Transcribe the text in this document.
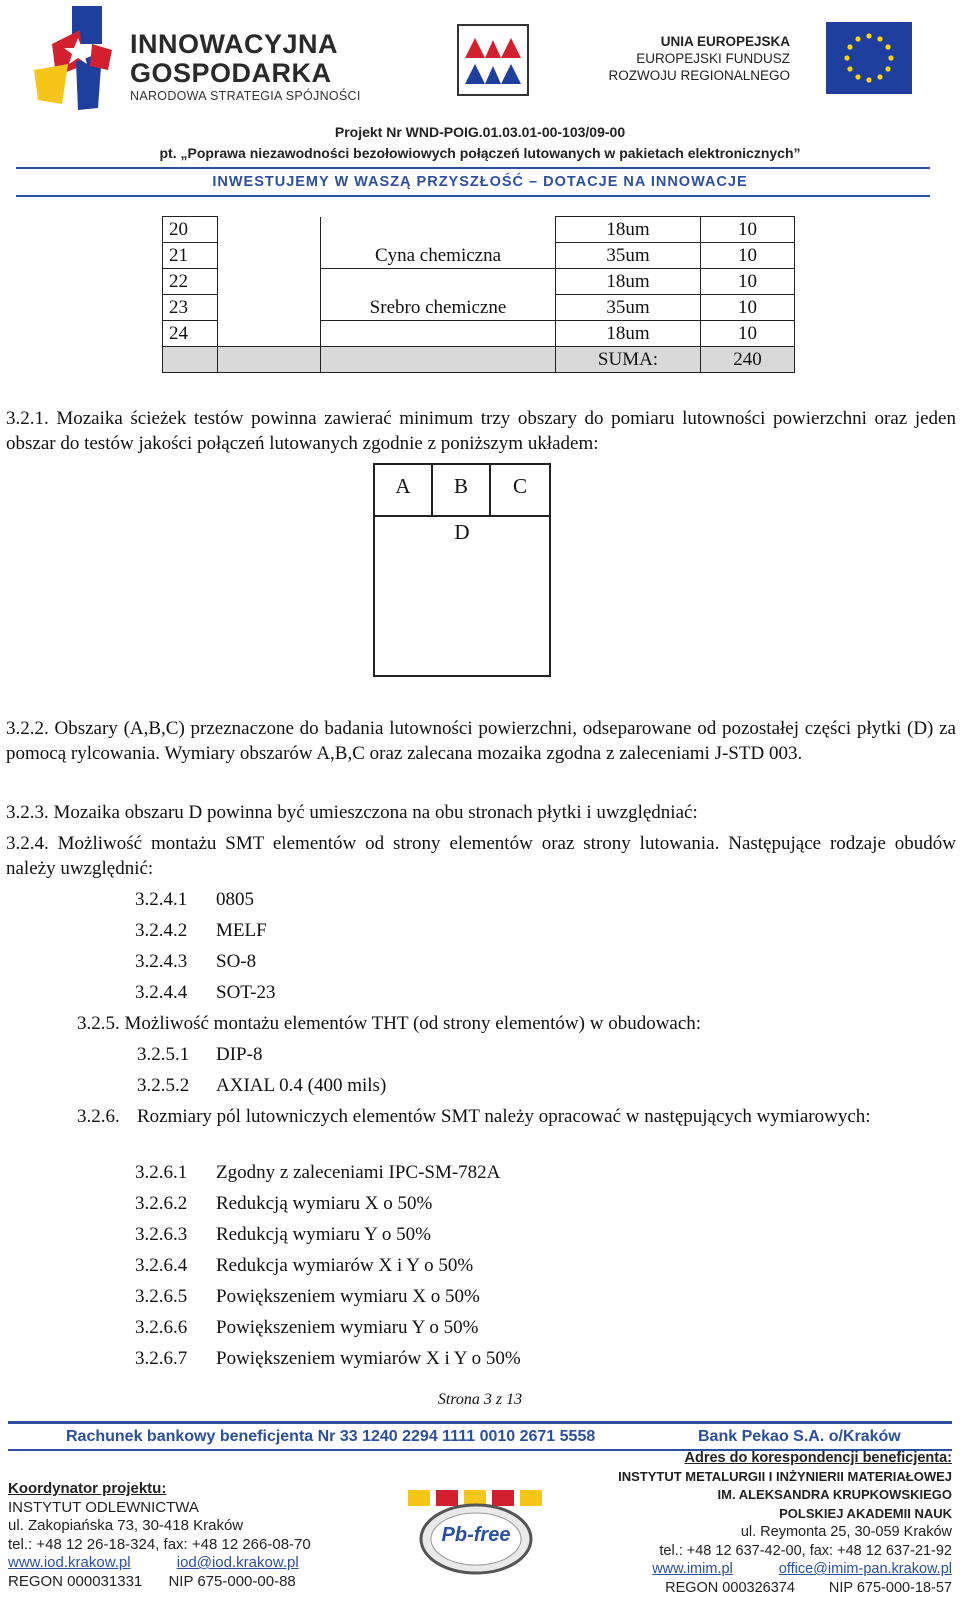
INNOWACYJNA
GOSPODARKA
NARODOWA STRATEGIA SPÓJNOŚCI
UNIA EUROPEJSKA
EUROPEJSKI FUNDUSZ
ROZWOJU REGIONALNEGO
Projekt Nr WND-POIG.01.03.01-00-103/09-00
pt. „Poprawa niezawodności bezołowiowych połączeń lutowanych w pakietach elektronicznych”
INWESTUJEMY W WASZĄ PRZYSZŁOŚĆ – DOTACJE NA INNOWACJE
20			18um	10
21		Cyna chemiczna	35um	10
22			18um	10
23		Srebro chemiczne	35um	10
24			18um	10
			SUMA:	240
3.2.1. Mozaika ścieżek testów powinna zawierać minimum trzy obszary do pomiaru lutowności powierzchni oraz jeden obszar do testów jakości połączeń lutowanych zgodnie z poniższym układem:
A	B	C
D
3.2.2. Obszary (A,B,C) przeznaczone do badania lutowności powierzchni, odseparowane od pozostałej części płytki (D) za pomocą rylcowania. Wymiary obszarów A,B,C oraz zalecana mozaika zgodna z zaleceniami J-STD 003.
3.2.3. Mozaika obszaru D powinna być umieszczona na obu stronach płytki i uwzględniać:
3.2.4. Możliwość montażu SMT elementów od strony elementów oraz strony lutowania. Następujące rodzaje obudów należy uwzględnić:
3.2.4.1 0805
3.2.4.2 MELF
3.2.4.3 SO-8
3.2.4.4 SOT-23
3.2.5. Możliwość montażu elementów THT (od strony elementów) w obudowach:
3.2.5.1 DIP-8
3.2.5.2 AXIAL 0.4 (400 mils)
3.2.6. Rozmiary pól lutowniczych elementów SMT należy opracować w następujących wymiarowych:
3.2.6.1 Zgodny z zaleceniami IPC-SM-782A
3.2.6.2 Redukcją wymiaru X o 50%
3.2.6.3 Redukcją wymiaru Y o 50%
3.2.6.4 Redukcja wymiarów X i Y o 50%
3.2.6.5 Powiększeniem wymiaru X o 50%
3.2.6.6 Powiększeniem wymiaru Y o 50%
3.2.6.7 Powiększeniem wymiarów X i Y o 50%
Strona 3 z 13
Rachunek bankowy beneficjenta Nr 33 1240 2294 1111 0010 2671 5558	Bank Pekao S.A. o/Kraków
Koordynator projektu:
INSTYTUT ODLEWNICTWA
ul. Zakopiańska 73, 30-418 Kraków
tel.: +48 12 26-18-324, fax: +48 12 266-08-70
www.iod.krakow.pl	iod@iod.krakow.pl
REGON 000031331 NIP 675-000-00-88
Pb-free
Adres do korespondencji beneficjenta:
INSTYTUT METALURGII I INŻYNIERII MATERIAŁOWEJ
IM. ALEKSANDRA KRUPKOWSKIEGO
POLSKIEJ AKADEMII NAUK
ul. Reymonta 25, 30-059 Kraków
tel.: +48 12 637-42-00, fax: +48 12 637-21-92
www.imim.pl	office@imim-pan.krakow.pl
REGON 000326374 NIP 675-000-18-57
